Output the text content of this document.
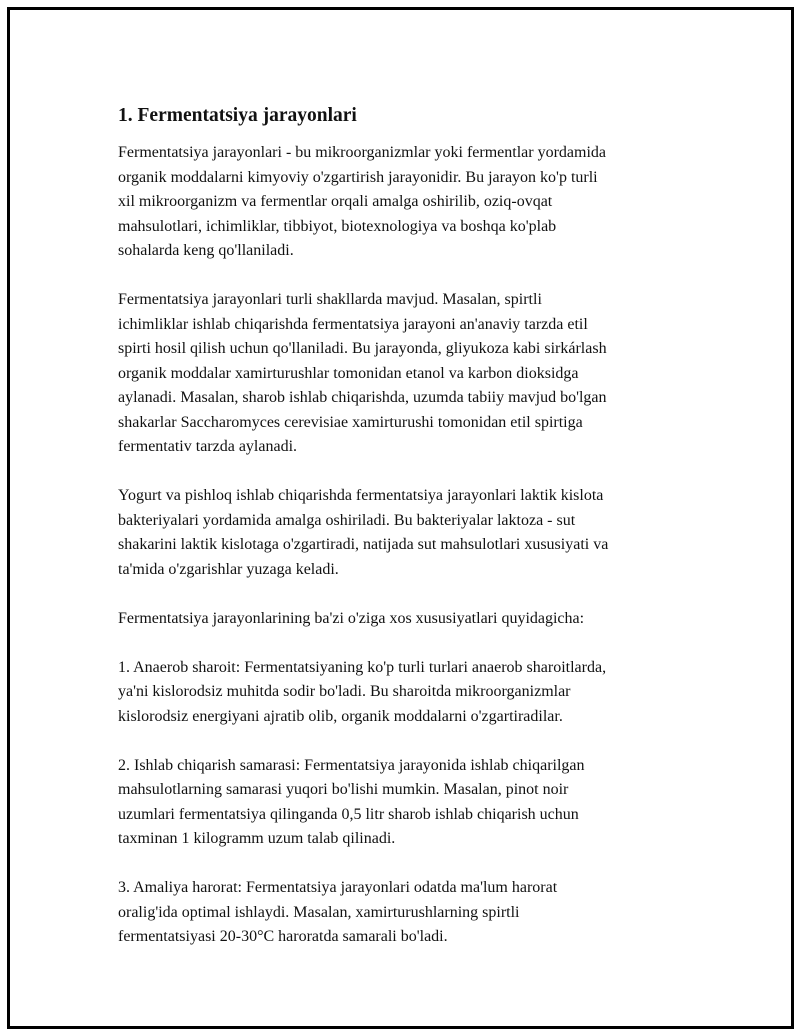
1. Fermentatsiya jarayonlari

Fermentatsiya jarayonlari - bu mikroorganizmlar yoki fermentlar yordamida
organik moddalarni kimyoviy o'zgartirish jarayonidir. Bu jarayon ko'p turli
xil mikroorganizm va fermentlar orqali amalga oshirilib, oziq-ovqat
mahsulotlari, ichimliklar, tibbiyot, biotexnologiya va boshqa ko'plab
sohalarda keng qo'llaniladi.

Fermentatsiya jarayonlari turli shakllarda mavjud. Masalan, spirtli
ichimliklar ishlab chiqarishda fermentatsiya jarayoni an'anaviy tarzda etil
spirti hosil qilish uchun qo'llaniladi. Bu jarayonda, gliyukoza kabi sirkárlash
organik moddalar xamirturushlar tomonidan etanol va karbon dioksidga
aylanadi. Masalan, sharob ishlab chiqarishda, uzumda tabiiy mavjud bo'lgan
shakarlar Saccharomyces cerevisiae xamirturushi tomonidan etil spirtiga
fermentativ tarzda aylanadi.

Yogurt va pishloq ishlab chiqarishda fermentatsiya jarayonlari laktik kislota
bakteriyalari yordamida amalga oshiriladi. Bu bakteriyalar laktoza - sut
shakarini laktik kislotaga o'zgartiradi, natijada sut mahsulotlari xususiyati va
ta'mida o'zgarishlar yuzaga keladi.

Fermentatsiya jarayonlarining ba'zi o'ziga xos xususiyatlari quyidagicha:

1. Anaerob sharoit: Fermentatsiyaning ko'p turli turlari anaerob sharoitlarda,
ya'ni kislorodsiz muhitda sodir bo'ladi. Bu sharoitda mikroorganizmlar
kislorodsiz energiyani ajratib olib, organik moddalarni o'zgartiradilar.

2. Ishlab chiqarish samarasi: Fermentatsiya jarayonida ishlab chiqarilgan
mahsulotlarning samarasi yuqori bo'lishi mumkin. Masalan, pinot noir
uzumlari fermentatsiya qilinganda 0,5 litr sharob ishlab chiqarish uchun
taxminan 1 kilogramm uzum talab qilinadi.

3. Amaliya harorat: Fermentatsiya jarayonlari odatda ma'lum harorat
oralig'ida optimal ishlaydi. Masalan, xamirturushlarning spirtli
fermentatsiyasi 20-30°C haroratda samarali bo'ladi.
